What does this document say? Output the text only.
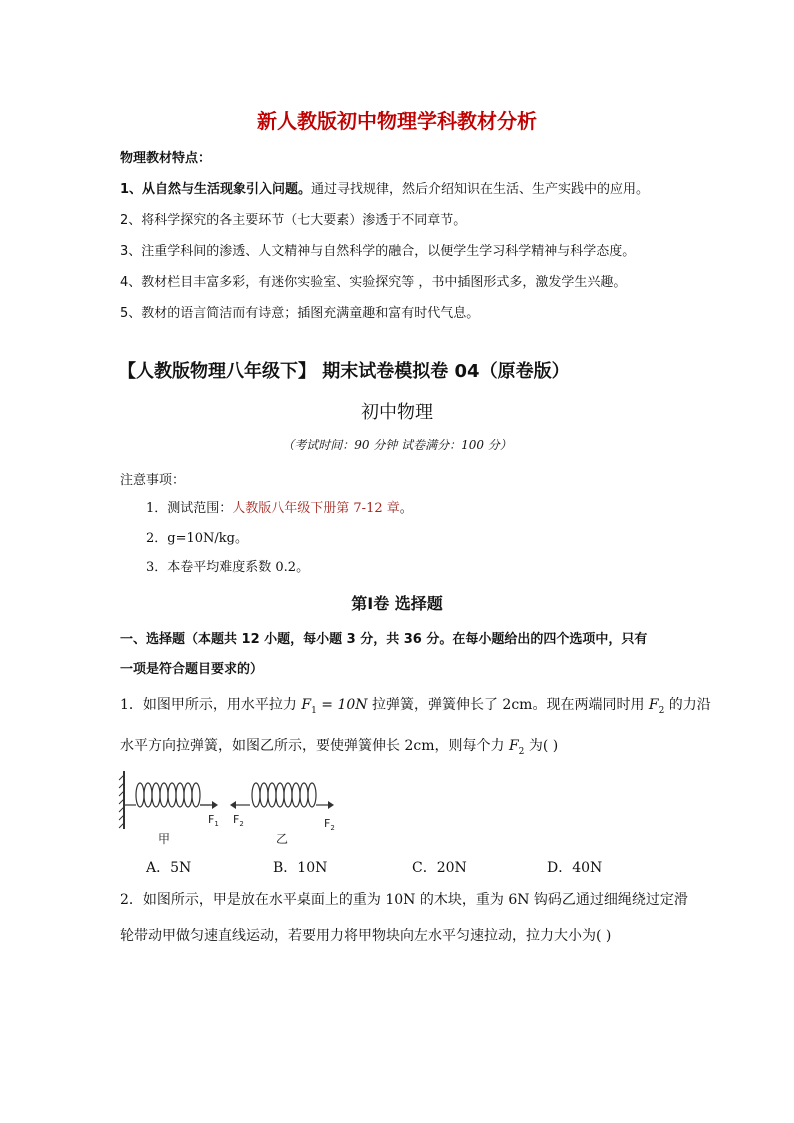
新人教版初中物理学科教材分析
物理教材特点：
1、从自然与生活现象引入问题。通过寻找规律，然后介绍知识在生活、生产实践中的应用。
2、将科学探究的各主要环节（七大要素）渗透于不同章节。
3、注重学科间的渗透、人文精神与自然科学的融合，以便学生学习科学精神与科学态度。
4、教材栏目丰富多彩，有迷你实验室、实验探究等 ，书中插图形式多，激发学生兴趣。
5、教材的语言简洁而有诗意；插图充满童趣和富有时代气息。
【人教版物理八年级下】 期末试卷模拟卷 04（原卷版）
初中物理
（考试时间：90 分钟 试卷满分：100 分）
注意事项：
1．测试范围：人教版八年级下册第 7-12 章。
2．g=10N/kg。
3．本卷平均难度系数 0.2。
第Ⅰ卷 选择题
一、选择题（本题共 12 小题，每小题 3 分，共 36 分。在每小题给出的四个选项中，只有
一项是符合题目要求的）
1．如图甲所示，用水平拉力 $F_1 = 10N$ 拉弹簧，弹簧伸长了 2cm。现在两端同时用 $F_2$ 的力沿
水平方向拉弹簧，如图乙所示，要使弹簧伸长 2cm，则每个力 $F_2$ 为( )
$F_1$
甲
$F_2$	$F_2$
乙
A．5N	B．10N	C．20N	D．40N
2．如图所示，甲是放在水平桌面上的重为 10N 的木块，重为 6N 钩码乙通过细绳绕过定滑
轮带动甲做匀速直线运动，若要用力将甲物块向左水平匀速拉动，拉力大小为( )
